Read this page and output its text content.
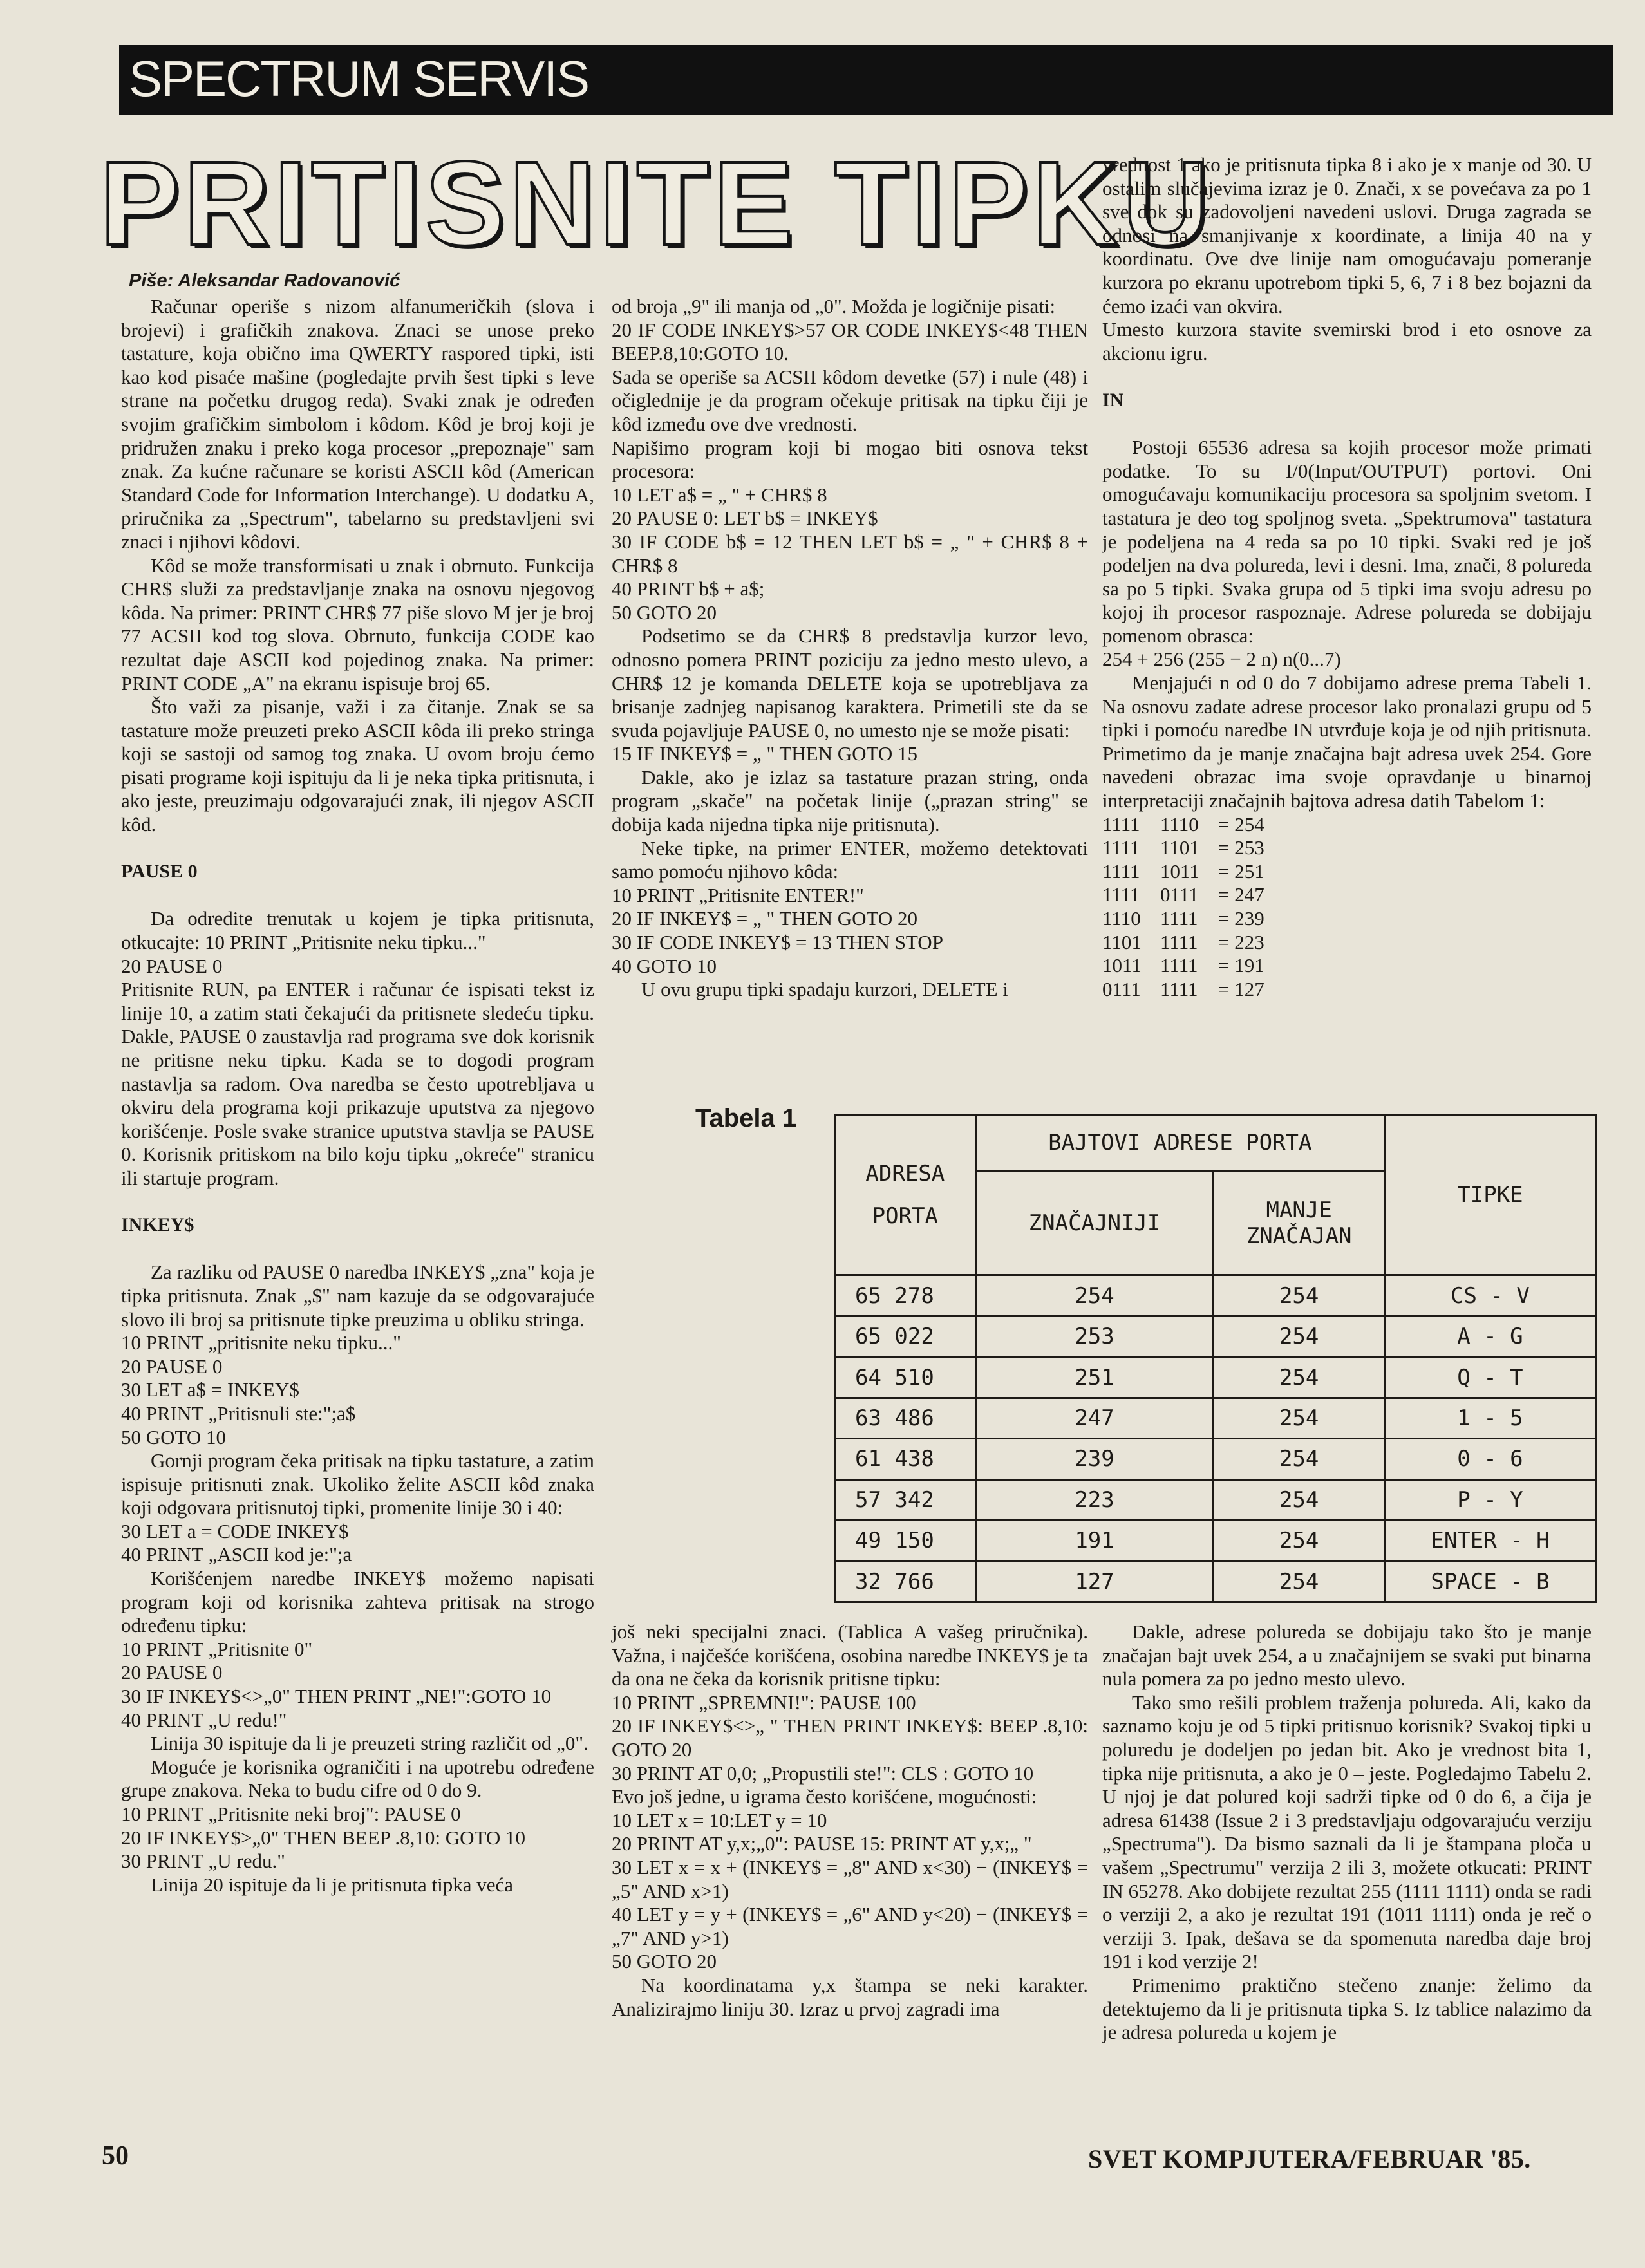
SPECTRUM SERVIS
PRITISNITE TIPKU
Piše: Aleksandar Radovanović

Računar operiše s nizom alfanumeričkih (slova i brojevi) i grafičkih znakova. Znaci se unose preko tastature, koja obično ima QWERTY raspored tipki, isti kao kod pisaće mašine (pogledajte prvih šest tipki s leve strane na početku drugog reda). Svaki znak je određen svojim grafičkim simbolom i kôdom. Kôd je broj koji je pridružen znaku i preko koga procesor „prepoznaje" sam znak. Za kućne računare se koristi ASCII kôd (American Standard Code for Information Interchange). U dodatku A, priručnika za „Spectrum", tabelarno su predstavljeni svi znaci i njihovi kôdovi.

Kôd se može transformisati u znak i obrnuto. Funkcija CHR$ služi za predstavljanje znaka na osnovu njegovog kôda. Na primer: PRINT CHR$ 77 piše slovo M jer je broj 77 ACSII kod tog slova. Obrnuto, funkcija CODE kao rezultat daje ASCII kod pojedinog znaka. Na primer: PRINT CODE „A" na ekranu ispisuje broj 65.

Što važi za pisanje, važi i za čitanje. Znak se sa tastature može preuzeti preko ASCII kôda ili preko stringa koji se sastoji od samog tog znaka. U ovom broju ćemo pisati programe koji ispituju da li je neka tipka pritisnuta, i ako jeste, preuzimaju odgovarajući znak, ili njegov ASCII kôd.

PAUSE 0

Da odredite trenutak u kojem je tipka pritisnuta, otkucajte: 10 PRINT „Pritisnite neku tipku..."

20 PAUSE 0

Pritisnite RUN, pa ENTER i računar će ispisati tekst iz linije 10, a zatim stati čekajući da pritisnete sledeću tipku. Dakle, PAUSE 0 zaustavlja rad programa sve dok korisnik ne pritisne neku tipku. Kada se to dogodi program nastavlja sa radom. Ova naredba se često upotrebljava u okviru dela programa koji prikazuje uputstva za njegovo korišćenje. Posle svake stranice uputstva stavlja se PAUSE 0. Korisnik pritiskom na bilo koju tipku „okreće" stranicu ili startuje program.

INKEY$

Za razliku od PAUSE 0 naredba INKEY$ „zna" koja je tipka pritisnuta. Znak „$" nam kazuje da se odgovarajuće slovo ili broj sa pritisnute tipke preuzima u obliku stringa.

10 PRINT „pritisnite neku tipku..."

20 PAUSE 0

30 LET a$ = INKEY$

40 PRINT „Pritisnuli ste:";a$

50 GOTO 10

Gornji program čeka pritisak na tipku tastature, a zatim ispisuje pritisnuti znak. Ukoliko želite ASCII kôd znaka koji odgovara pritisnutoj tipki, promenite linije 30 i 40:

30 LET a = CODE INKEY$

40 PRINT „ASCII kod je:";a

Korišćenjem naredbe INKEY$ možemo napisati program koji od korisnika zahteva pritisak na strogo određenu tipku:

10 PRINT „Pritisnite 0"

20 PAUSE 0

30 IF INKEY$<>„0" THEN PRINT „NE!":GOTO 10

40 PRINT „U redu!"

Linija 30 ispituje da li je preuzeti string različit od „0".

Moguće je korisnika ograničiti i na upotrebu određene grupe znakova. Neka to budu cifre od 0 do 9.

10 PRINT „Pritisnite neki broj": PAUSE 0

20 IF INKEY$>„0" THEN BEEP .8,10: GOTO 10

30 PRINT „U redu."

Linija 20 ispituje da li je pritisnuta tipka veća

od broja „9" ili manja od „0". Možda je logičnije pisati:

20 IF CODE INKEY$>57 OR CODE INKEY$<48 THEN BEEP.8,10:GOTO 10.

Sada se operiše sa ACSII kôdom devetke (57) i nule (48) i očiglednije je da program očekuje pritisak na tipku čiji je kôd između ove dve vrednosti.

Napišimo program koji bi mogao biti osnova tekst procesora:

10 LET a$ = „ " + CHR$ 8

20 PAUSE 0: LET b$ = INKEY$

30 IF CODE b$ = 12 THEN LET b$ = „ " + CHR$ 8 + CHR$ 8

40 PRINT b$ + a$;

50 GOTO 20

Podsetimo se da CHR$ 8 predstavlja kurzor levo, odnosno pomera PRINT poziciju za jedno mesto ulevo, a CHR$ 12 je komanda DELETE koja se upotrebljava za brisanje zadnjeg napisanog karaktera. Primetili ste da se svuda pojavljuje PAUSE 0, no umesto nje se može pisati:

15 IF INKEY$ = „ " THEN GOTO 15

Dakle, ako je izlaz sa tastature prazan string, onda program „skače" na početak linije („prazan string" se dobija kada nijedna tipka nije pritisnuta).

Neke tipke, na primer ENTER, možemo detektovati samo pomoću njihovo kôda:

10 PRINT „Pritisnite ENTER!"

20 IF INKEY$ = „ " THEN GOTO 20

30 IF CODE INKEY$ = 13 THEN STOP

40 GOTO 10

U ovu grupu tipki spadaju kurzori, DELETE i

vrednost 1 ako je pritisnuta tipka 8 i ako je x manje od 30. U ostalim slučajevima izraz je 0. Znači, x se povećava za po 1 sve dok su zadovoljeni navedeni uslovi. Druga zagrada se odnosi na smanjivanje x koordinate, a linija 40 na y koordinatu. Ove dve linije nam omogućavaju pomeranje kurzora po ekranu upotrebom tipki 5, 6, 7 i 8 bez bojazni da ćemo izaći van okvira.

Umesto kurzora stavite svemirski brod i eto osnove za akcionu igru.

IN

Postoji 65536 adresa sa kojih procesor može primati podatke. To su I/0(Input/OUTPUT) portovi. Oni omogućavaju komunikaciju procesora sa spoljnim svetom. I tastatura je deo tog spoljnog sveta. „Spektrumova" tastatura je podeljena na 4 reda sa po 10 tipki. Svaki red je još podeljen na dva polureda, levi i desni. Ima, znači, 8 polureda sa po 5 tipki. Svaka grupa od 5 tipki ima svoju adresu po kojoj ih procesor raspoznaje. Adrese polureda se dobijaju pomenom obrasca:

254 + 256 (255 − 2 n) n(0...7)

Menjajući n od 0 do 7 dobijamo adrese prema Tabeli 1. Na osnovu zadate adrese procesor lako pronalazi grupu od 5 tipki i pomoću naredbe IN utvrđuje koja je od njih pritisnuta. Primetimo da je manje značajna bajt adresa uvek 254. Gore navedeni obrazac ima svoje opravdanje u binarnoj interpretaciji značajnih bajtova adresa datih Tabelom 1:

1111 1110 = 254
1111 1101 = 253
1111 1011 = 251
1111 0111 = 247
1110 1111 = 239
1101 1111 = 223
1011 1111 = 191
0111 1111 = 127
Tabela 1
ADRESA
PORTA	BAJTOVI ADRESE PORTA		TIPKE
	ZNAČAJNIJI	MANJE
ZNAČAJAN	

65 278	254	254	CS - V
65 022	253	254	A - G
64 510	251	254	Q - T
63 486	247	254	1 - 5
61 438	239	254	0 - 6
57 342	223	254	P - Y
49 150	191	254	ENTER - H
32 766	127	254	SPACE - B

još neki specijalni znaci. (Tablica A vašeg priručnika). Važna, i najčešće korišćena, osobina naredbe INKEY$ je ta da ona ne čeka da korisnik pritisne tipku:

10 PRINT „SPREMNI!": PAUSE 100

20 IF INKEY$<>„ " THEN PRINT INKEY$: BEEP .8,10: GOTO 20

30 PRINT AT 0,0; „Propustili ste!": CLS : GOTO 10

Evo još jedne, u igrama često korišćene, mogućnosti:

10 LET x = 10:LET y = 10

20 PRINT AT y,x;„0": PAUSE 15: PRINT AT y,x;„ "

30 LET x = x + (INKEY$ = „8" AND x<30) − (INKEY$ = „5" AND x>1)

40 LET y = y + (INKEY$ = „6" AND y<20) − (INKEY$ = „7" AND y>1)

50 GOTO 20

Na koordinatama y,x štampa se neki karakter. Analizirajmo liniju 30. Izraz u prvoj zagradi ima

Dakle, adrese polureda se dobijaju tako što je manje značajan bajt uvek 254, a u značajnijem se svaki put binarna nula pomera za po jedno mesto ulevo.

Tako smo rešili problem traženja polureda. Ali, kako da saznamo koju je od 5 tipki pritisnuo korisnik? Svakoj tipki u poluredu je dodeljen po jedan bit. Ako je vrednost bita 1, tipka nije pritisnuta, a ako je 0 – jeste. Pogledajmo Tabelu 2. U njoj je dat polured koji sadrži tipke od 0 do 6, a čija je adresa 61438 (Issue 2 i 3 predstavljaju odgovarajuću verziju „Spectruma"). Da bismo saznali da li je štampana ploča u vašem „Spectrumu" verzija 2 ili 3, možete otkucati: PRINT IN 65278. Ako dobijete rezultat 255 (1111 1111) onda se radi o verziji 2, a ako je rezultat 191 (1011 1111) onda je reč o verziji 3. Ipak, dešava se da spomenuta naredba daje broj 191 i kod verzije 2!

Primenimo praktično stečeno znanje: želimo da detektujemo da li je pritisnuta tipka S. Iz tablice nalazimo da je adresa polureda u kojem je

50	SVET KOMPJUTERA/FEBRUAR '85.
